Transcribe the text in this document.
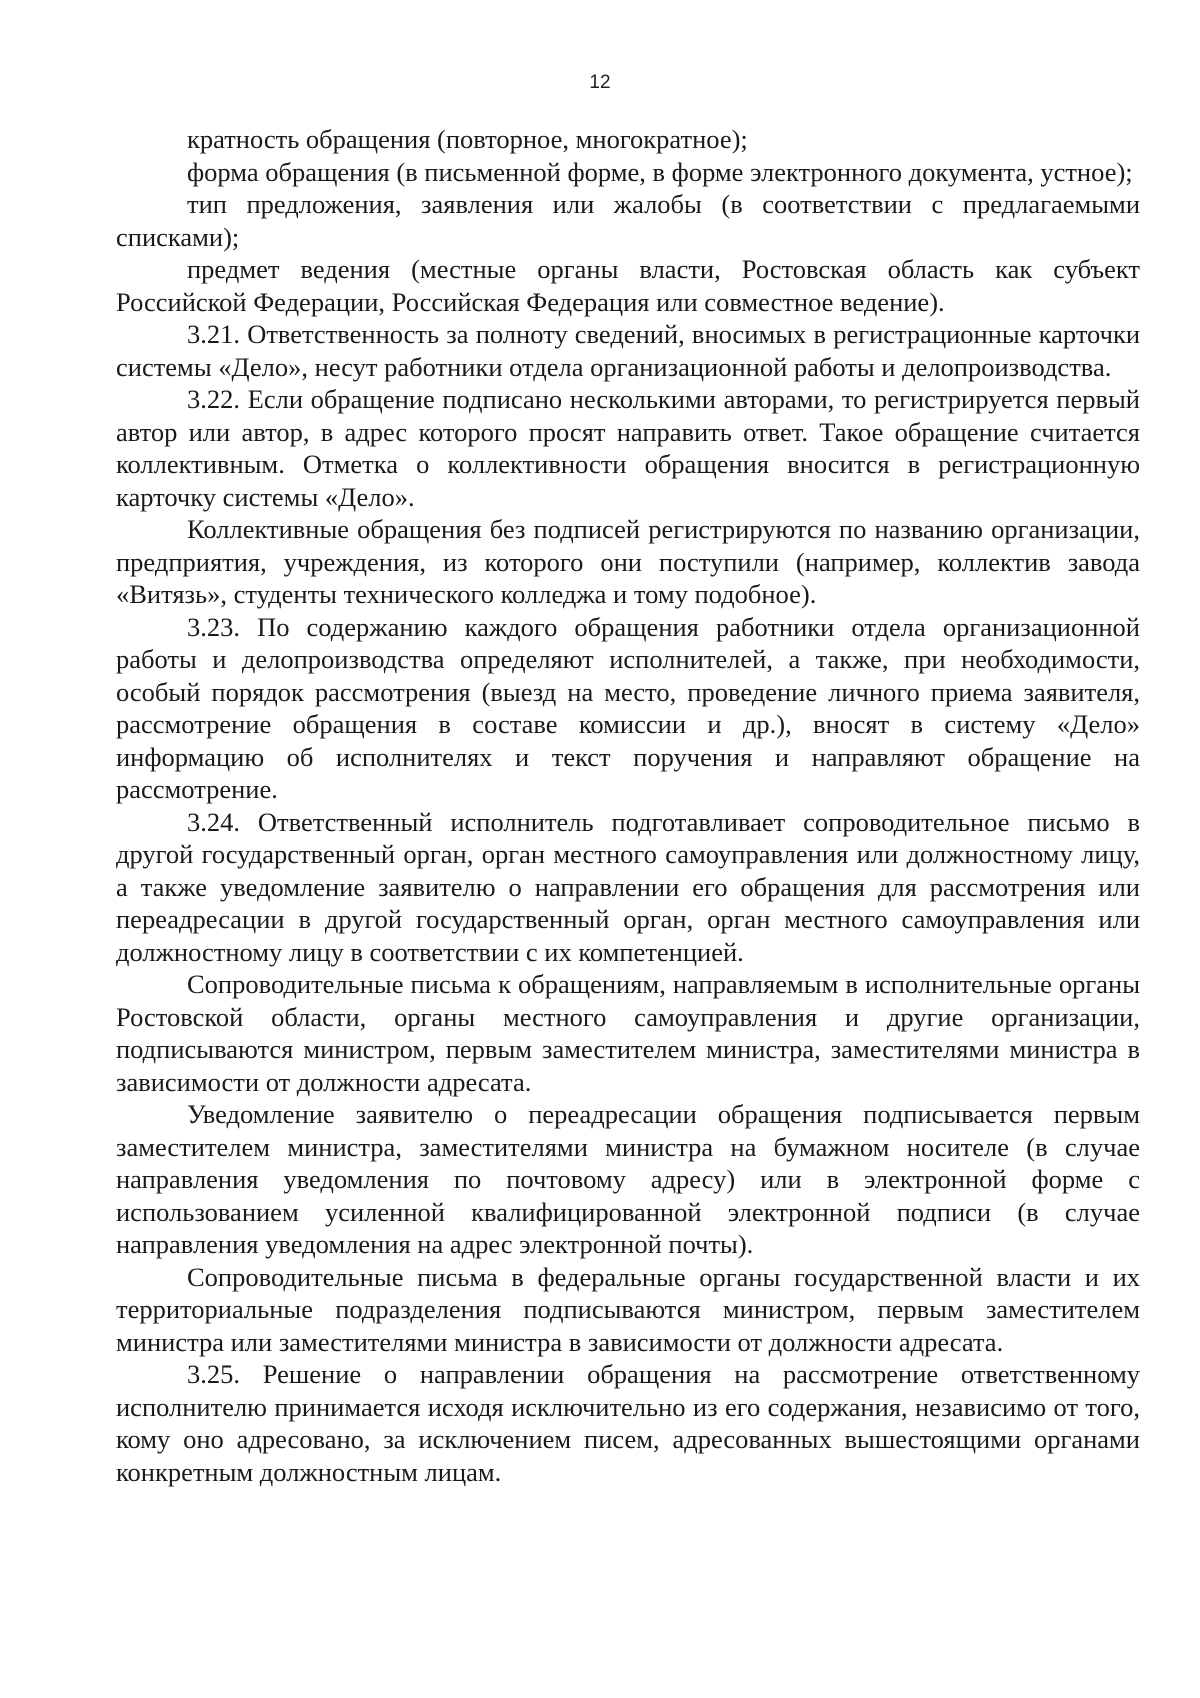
12

кратность обращения (повторное, многократное);

форма обращения (в письменной форме, в форме электронного документа, устное);

тип предложения, заявления или жалобы (в соответствии с предлагаемыми списками);

предмет ведения (местные органы власти, Ростовская область как субъект Российской Федерации, Российская Федерация или совместное ведение).

3.21. Ответственность за полноту сведений, вносимых в регистрационные карточки системы «Дело», несут работники отдела организационной работы и делопроизводства.

3.22. Если обращение подписано несколькими авторами, то регистрируется первый автор или автор, в адрес которого просят направить ответ. Такое обращение считается коллективным. Отметка о коллективности обращения вносится в регистрационную карточку системы «Дело».

Коллективные обращения без подписей регистрируются по названию организации, предприятия, учреждения, из которого они поступили (например, коллектив завода «Витязь», студенты технического колледжа и тому подобное).

3.23. По содержанию каждого обращения работники отдела организационной работы и делопроизводства определяют исполнителей, а также, при необходимости, особый порядок рассмотрения (выезд на место, проведение личного приема заявителя, рассмотрение обращения в составе комиссии и др.), вносят в систему «Дело» информацию об исполнителях и текст поручения и направляют обращение на рассмотрение.

3.24. Ответственный исполнитель подготавливает сопроводительное письмо в другой государственный орган, орган местного самоуправления или должностному лицу, а также уведомление заявителю о направлении его обращения для рассмотрения или переадресации в другой государственный орган, орган местного самоуправления или должностному лицу в соответствии с их компетенцией.

Сопроводительные письма к обращениям, направляемым в исполнительные органы Ростовской области, органы местного самоуправления и другие организации, подписываются министром, первым заместителем министра, заместителями министра в зависимости от должности адресата.

Уведомление заявителю о переадресации обращения подписывается первым заместителем министра, заместителями министра на бумажном носителе (в случае направления уведомления по почтовому адресу) или в электронной форме с использованием усиленной квалифицированной электронной подписи (в случае направления уведомления на адрес электронной почты).

Сопроводительные письма в федеральные органы государственной власти и их территориальные подразделения подписываются министром, первым заместителем министра или заместителями министра в зависимости от должности адресата.

3.25. Решение о направлении обращения на рассмотрение ответственному исполнителю принимается исходя исключительно из его содержания, независимо от того, кому оно адресовано, за исключением писем, адресованных вышестоящими органами конкретным должностным лицам.
